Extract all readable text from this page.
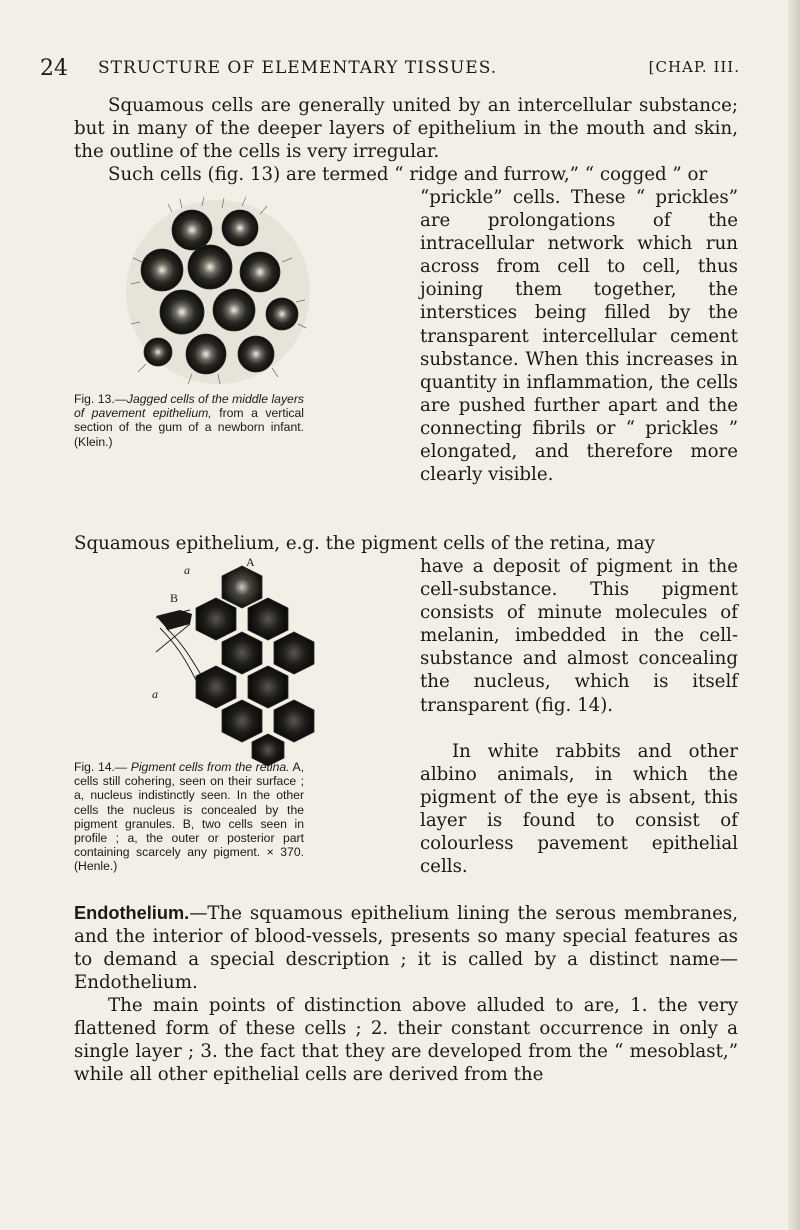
24 STRUCTURE OF ELEMENTARY TISSUES.	[CHAP. III.
Squamous cells are generally united by an intercellular substance; but in many of the deeper layers of epithelium in the mouth and skin, the outline of the cells is very irregular.
Such cells (fig. 13) are termed “ ridge and furrow,” “ cogged ” or
Fig. 13.—Jagged cells of the middle layers of pavement epithelium, from a vertical section of the gum of a newborn infant. (Klein.)
“prickle” cells. These “ prickles” are prolongations of the intracellular network which run across from cell to cell, thus joining them together, the interstices being filled by the transparent intercellular cement substance. When this increases in quantity in inflammation, the cells are pushed further apart and the connecting fibrils or “ prickles ” elongated, and therefore more clearly visible.
Squamous epithelium, e.g. the pigment cells of the retina, may
A
B
a
a
Fig. 14.— Pigment cells from the retina. A, cells still cohering, seen on their surface ; a, nucleus indistinctly seen. In the other cells the nucleus is concealed by the pigment granules. B, two cells seen in profile ; a, the outer or posterior part containing scarcely any pigment. × 370. (Henle.)
have a deposit of pigment in the cell-substance. This pigment consists of minute molecules of melanin, imbedded in the cell-substance and almost concealing the nucleus, which is itself transparent (fig. 14).
In white rabbits and other albino animals, in which the pigment of the eye is absent, this layer is found to consist of colourless pavement epithelial cells.
Endothelium.—The squamous epithelium lining the serous membranes, and the interior of blood-vessels, presents so many special features as to demand a special description ; it is called by a distinct name—Endothelium.
The main points of distinction above alluded to are, 1. the very flattened form of these cells ; 2. their constant occurrence in only a single layer ; 3. the fact that they are developed from the “ mesoblast,” while all other epithelial cells are derived from the
